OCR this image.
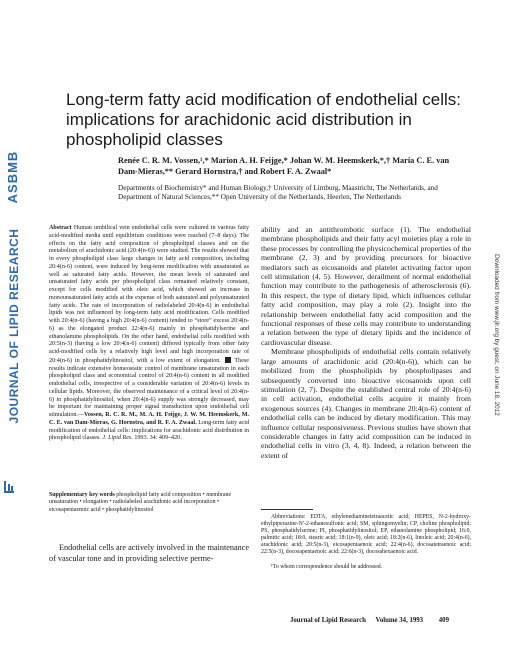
ASBMB
JOURNAL OF LIPID RESEARCH	Downloaded from www.jlr.org by guest, on June 18, 2012
Long-term fatty acid modification of endothelial cells: implications for arachidonic acid distribution in phospholipid classes
Renée C. R. M. Vossen,¹,* Marion A. H. Feijge,* Johan W. M. Heemskerk,*,† Maria C. E. van Dam-Mieras,** Gerard Hornstra,† and Robert F. A. Zwaal*
Departments of Biochemistry* and Human Biology,† University of Limburg, Maastricht, The Netherlands, and Department of Natural Sciences,** Open University of the Netherlands, Heerlen, The Netherlands
Abstract Human umbilical vein endothelial cells were cultured in various fatty acid-modified media until equilibrium conditions were reached (7–8 days). The effects on the fatty acid composition of phospholipid classes and on the metabolism of arachidonic acid (20:4(n-6)) were studied. The results showed that in every phospholipid class large changes in fatty acid composition, including 20:4(n-6) content, were induced by long-term modification with unsaturated as well as saturated fatty acids. However, the mean levels of saturated and unsaturated fatty acids per phospholipid class remained relatively constant, except for cells modified with oleic acid, which showed an increase in monounsaturated fatty acids at the expense of both saturated and polyunsaturated fatty acids. The rate of incorporation of radiolabeled 20:4(n-6) in endothelial lipids was not influenced by long-term fatty acid modification. Cells modified with 20:4(n-6) (having a high 20:4(n-6) content) tended to “store” excess 20:4(n-6) as the elongated product 22:4(n-6) mainly in phosphatidylserine and ethanolamine phospholipids. On the other hand, endothelial cells modified with 20:5(n-3) (having a low 20:4(n-6) content) differed typically from other fatty acid-modified cells by a relatively high level and high incorporation rate of 20:4(n-6) in phosphatidylinositol, with a low extent of elongation. These results indicate extensive homeostatic control of membrane unsaturation in each phospholipid class and economical control of 20:4(n-6) content in all modified endothelial cells, irrespective of a considerable variation of 20:4(n-6) levels in cellular lipids. Moreover, the observed maintenance of a critical level of 20:4(n-6) in phosphatidylinositol, when 20:4(n-6) supply was strongly decreased, may be important for maintaining proper signal transduction upon endothelial cell stimulation.—Vossen, R. C. R. M., M. A. H. Feijge, J. W. M. Heemskerk, M. C. E. van Dam-Mieras, G. Hornstra, and R. F. A. Zwaal. Long-term fatty acid modification of endothelial cells: implications for arachidonic acid distribution in phospholipid classes. J. Lipid Res. 1993. 34: 409–420.
Supplementary key words phospholipid fatty acid composition • membrane unsaturation • elongation • radiolabeled arachidonic acid incorporation • eicosapentaenoic acid • phosphatidylinositol
Endothelial cells are actively involved in the maintenance of vascular tone and in providing selective perme-

ability and an antithrombotic surface (1). The endothelial membrane phospholipids and their fatty acyl moieties play a role in these processes by controlling the physicochemical properties of the membrane (2, 3) and by providing precursors for bioactive mediators such as eicosanoids and platelet activating factor upon cell stimulation (4, 5). However, derailment of normal endothelial function may contribute to the pathogenesis of atherosclerosis (6). In this respect, the type of dietary lipid, which influences cellular fatty acid composition, may play a role (2). Insight into the relationship between endothelial fatty acid composition and the functional responses of these cells may contribute to understanding a relation between the type of dietary lipids and the incidence of cardiovascular disease.

Membrane phospholipids of endothelial cells contain relatively large amounts of arachidonic acid (20:4(n-6)), which can be mobilized from the phospholipids by phospholipases and subsequently converted into bioactive eicosanoids upon cell stimulation (2, 7). Despite the established central role of 20:4(n-6) in cell activation, endothelial cells acquire it mainly from exogenous sources (4). Changes in membrane 20:4(n-6) content of endothelial cells can be induced by dietary modification. This may influence cellular responsiveness. Previous studies have shown that considerable changes in fatty acid composition can be induced in endothelial cells in vitro (3, 4, 8). Indeed, a relation between the extent of

Abbreviations: EDTA, ethylenediaminetetraacetic acid; HEPES, N-2-hydroxy-ethylpiperazine-N′-2-ethanesulfonic acid; SM, sphingomyelin; CP, choline phospholipid; PS, phosphatidylserine; PI, phosphatidylinositol; EP, ethanolamine phospholipid; 16:0, palmitic acid; 18:0, stearic acid; 18:1(n-9), oleic acid; 18:2(n-6), linoleic acid; 20:4(n-6), arachidonic acid; 20:5(n-3), eicosapentaenoic acid; 22:4(n-6), docosatetraenoic acid; 22:5(n-3), docosapentaenoic acid; 22:6(n-3), docosahexaenoic acid.
¹To whom correspondence should be addressed.
Journal of Lipid Research Volume 34, 1993 409
